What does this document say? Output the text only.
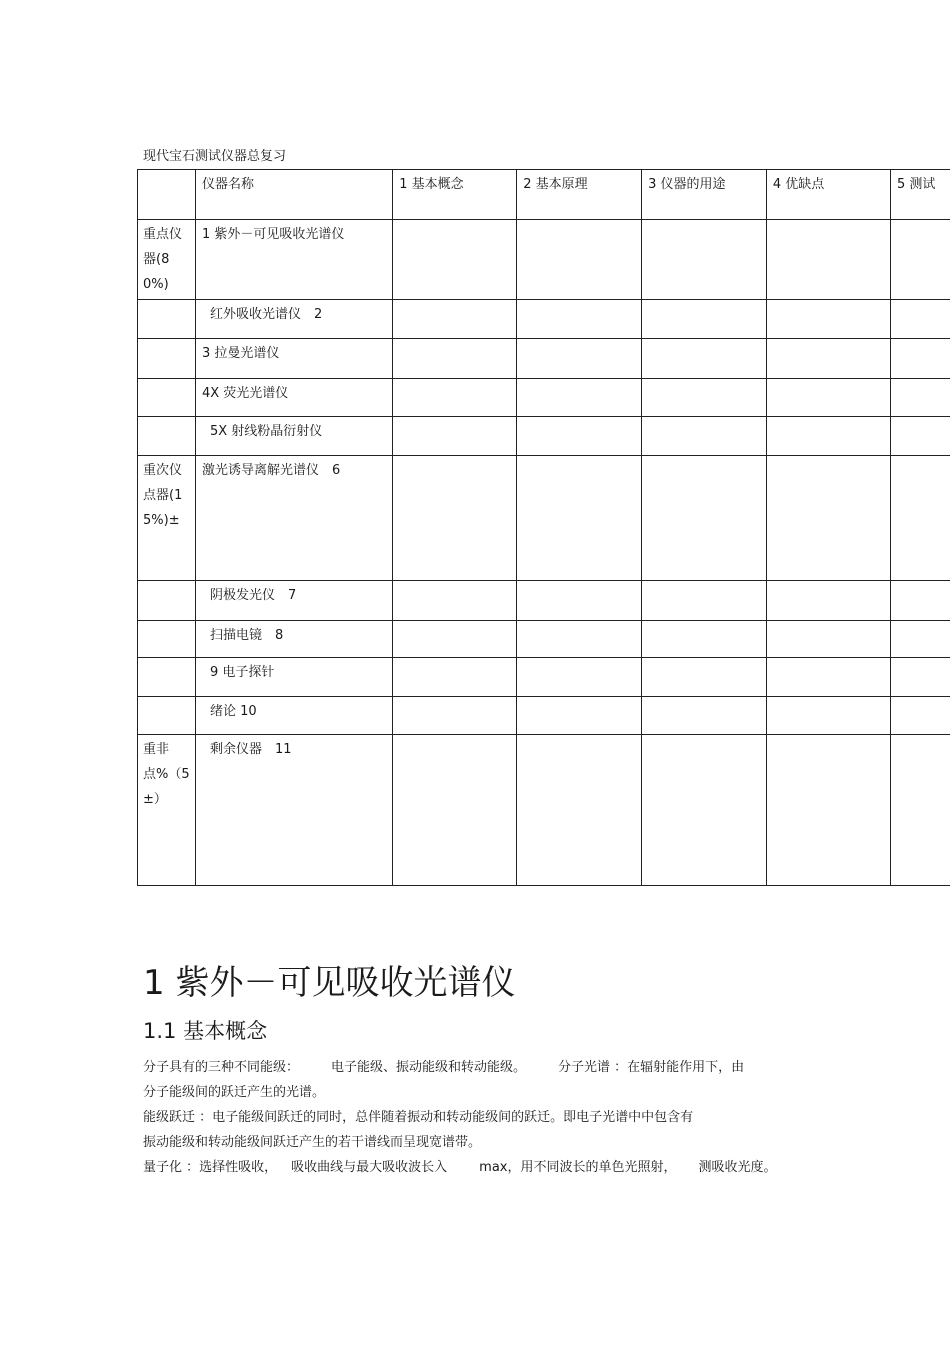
现代宝石测试仪器总复习
	仪器名称	1 基本概念	2 基本原理	3 仪器的用途	4 优缺点	5 测试
重点仪器(80%)	1 紫外－可见吸收光谱仪					
	红外吸收光谱仪　2					
	3 拉曼光谱仪					
	4X 荧光光谱仪					
	5X 射线粉晶衍射仪					
重次仪点器(15%)±	激光诱导离解光谱仪　6					
	阴极发光仪　7					
	扫描电镜　8					
	9 电子探针					
	绪论 10					
重非点%（5±）	剩余仪器　11					
1 紫外－可见吸收光谱仪
1.1 基本概念
分子具有的三种不同能级： 电子能级、振动能级和转动能级。 分子光谱 ：在辐射能作用下，由
分子能级间的跃迁产生的光谱。
能级跃迁 ：电子能级间跃迁的同时，总伴随着振动和转动能级间的跃迁。即电子光谱中中包含有
振动能级和转动能级间跃迁产生的若干谱线而呈现宽谱带。
量子化 ：选择性吸收， 吸收曲线与最大吸收波长入 max，用不同波长的单色光照射， 测吸收光度。
